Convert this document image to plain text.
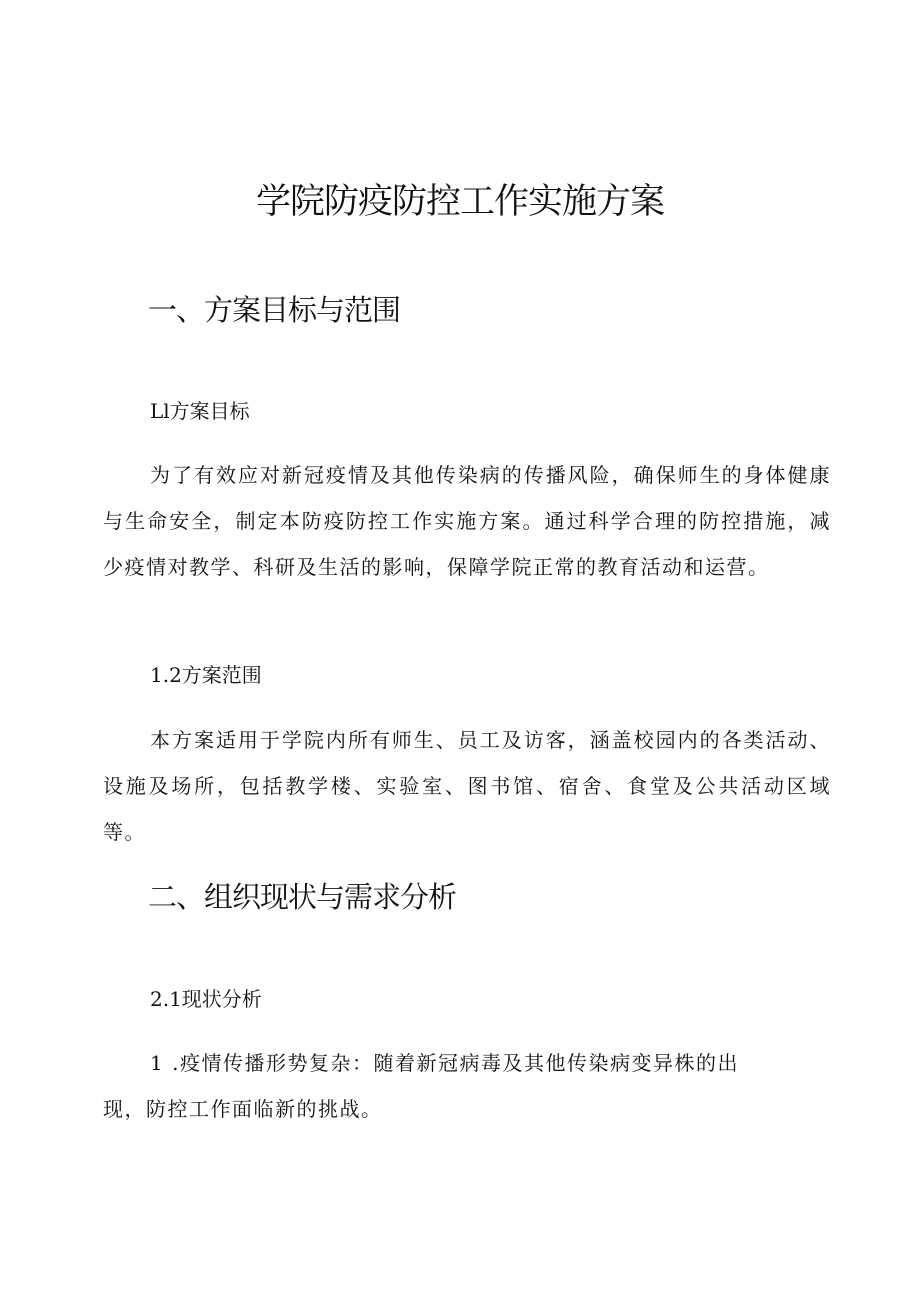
学院防疫防控工作实施方案
一、方案目标与范围
Ll方案目标

为了有效应对新冠疫情及其他传染病的传播风险，确保师生的身体健康与生命安全，制定本防疫防控工作实施方案。通过科学合理的防控措施，减少疫情对教学、科研及生活的影响，保障学院正常的教育活动和运营。

1.2方案范围

本方案适用于学院内所有师生、员工及访客，涵盖校园内的各类活动、设施及场所，包括教学楼、实验室、图书馆、宿舍、食堂及公共活动区域等。

二、组织现状与需求分析
2.1现状分析
1 .疫情传播形势复杂：随着新冠病毒及其他传染病变异株的出
现，防控工作面临新的挑战。
